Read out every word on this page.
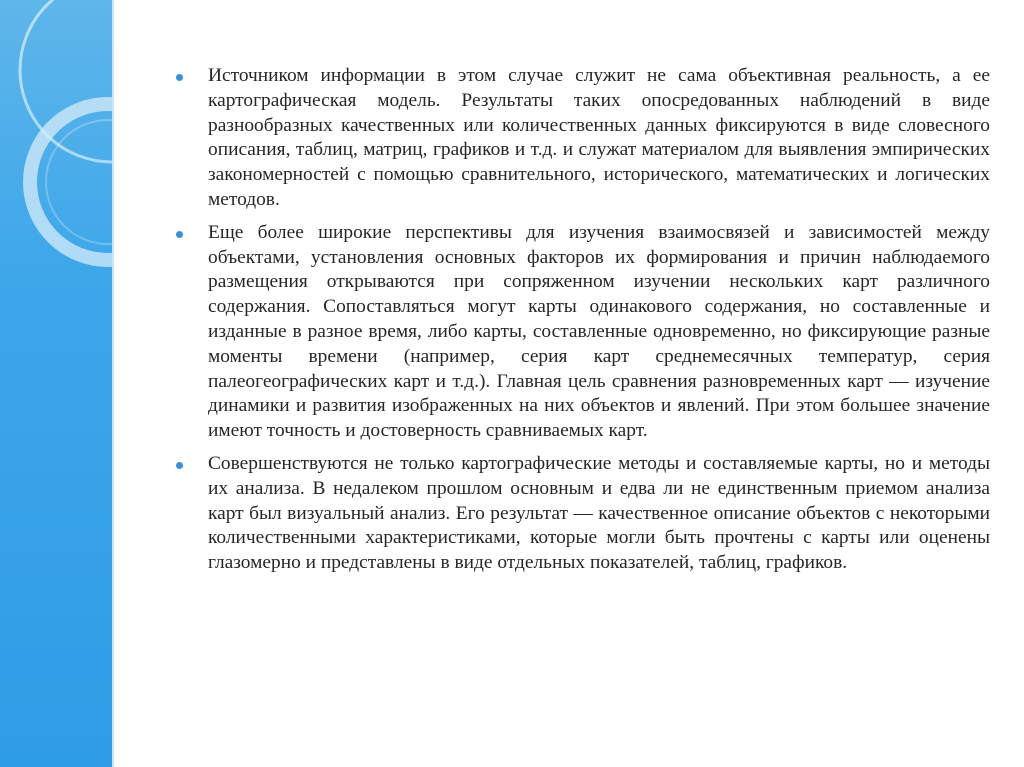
Источником информации в этом случае служит не сама объективная реальность, а ее картографическая модель. Результаты таких опосредованных наблюдений в виде разнообразных качественных или количественных данных фиксируются в виде словесного описания, таблиц, матриц, графиков и т.д. и служат материалом для выявления эмпирических закономерностей с помощью сравнительного, исторического, математических и логических методов.
Еще более широкие перспективы для изучения взаимосвязей и зависимостей между объектами, установления основных факторов их формирования и причин наблюдаемого размещения открываются при сопряженном изучении нескольких карт различного содержания. Сопоставляться могут карты одинакового содержания, но составленные и изданные в разное время, либо карты, составленные одновременно, но фиксирующие разные моменты времени (например, серия карт среднемесячных температур, серия палеогеографических карт и т.д.). Главная цель сравнения разновременных карт — изучение динамики и развития изображенных на них объектов и явлений. При этом большее значение имеют точность и достоверность сравниваемых карт.
Совершенствуются не только картографические методы и составляемые карты, но и методы их анализа. В недалеком прошлом основным и едва ли не единственным приемом анализа карт был визуальный анализ. Его результат — качественное описание объектов с некоторыми количественными характеристиками, которые могли быть прочтены с карты или оценены глазомерно и представлены в виде отдельных показателей, таблиц, графиков.
